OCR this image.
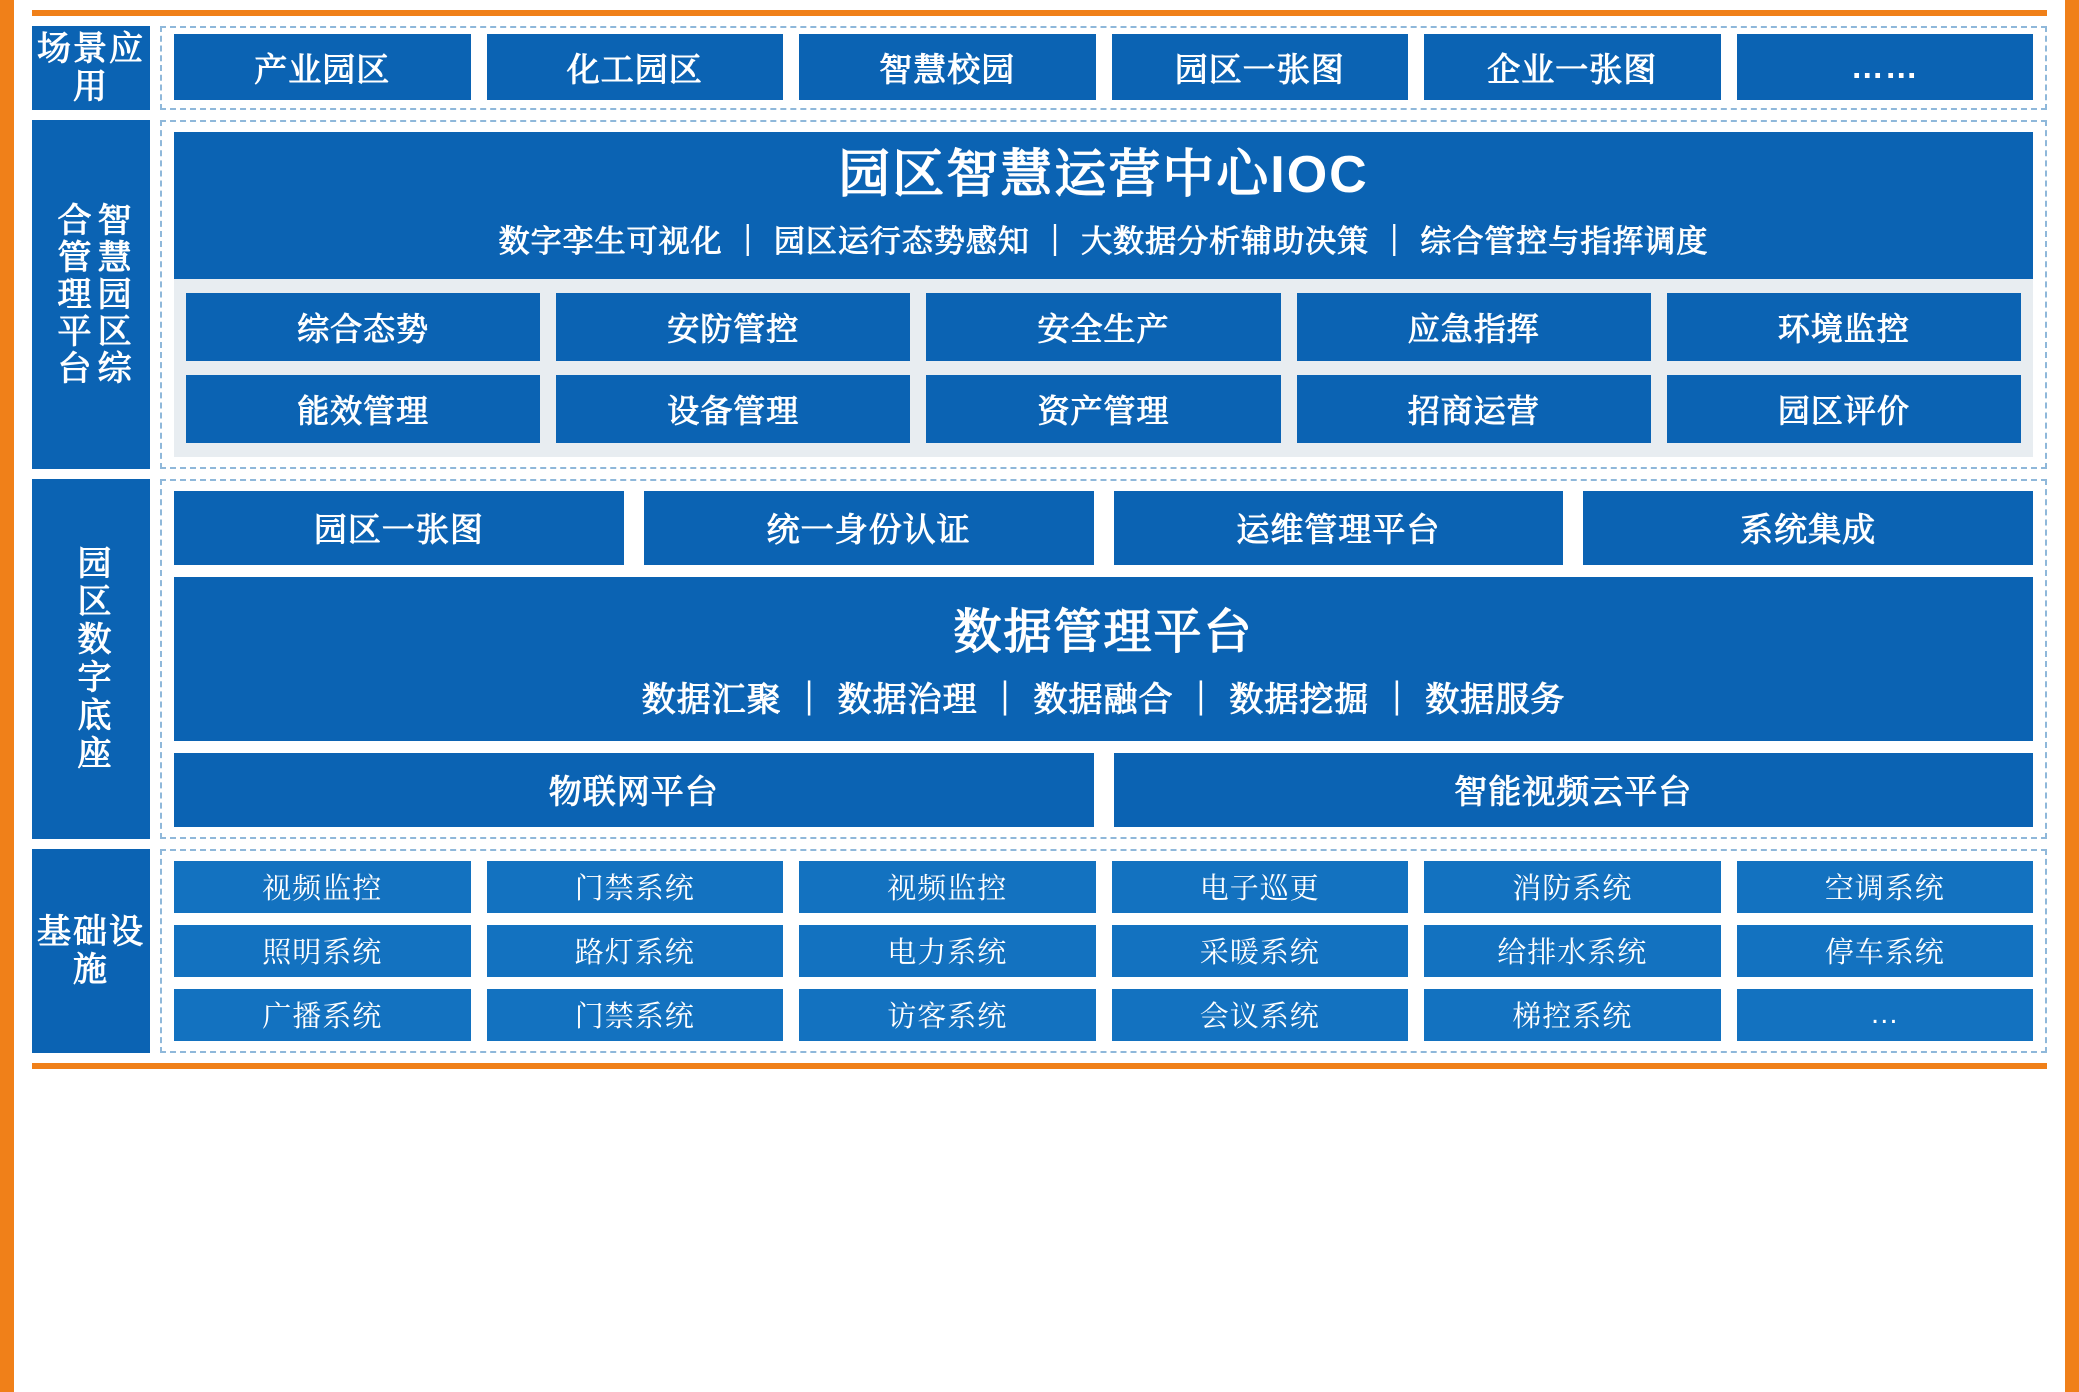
场景应用	产业园区	化工园区	智慧校园	园区一张图	企业一张图	……
智慧园区综
合管理平台
园区智慧运营中心IOC
数字孪生可视化 ｜ 园区运行态势感知 ｜ 大数据分析辅助决策 ｜ 综合管控与指挥调度
综合态势	安防管控	安全生产	应急指挥	环境监控
能效管理	设备管理	资产管理	招商运营	园区评价
园区数字底座
园区一张图	统一身份认证	运维管理平台	系统集成
数据管理平台
数据汇聚 ｜ 数据治理 ｜ 数据融合 ｜ 数据挖掘 ｜ 数据服务
物联网平台	智能视频云平台
基础设施
视频监控	门禁系统	视频监控	电子巡更	消防系统	空调系统
照明系统	路灯系统	电力系统	采暖系统	给排水系统	停车系统
广播系统	门禁系统	访客系统	会议系统	梯控系统	…
